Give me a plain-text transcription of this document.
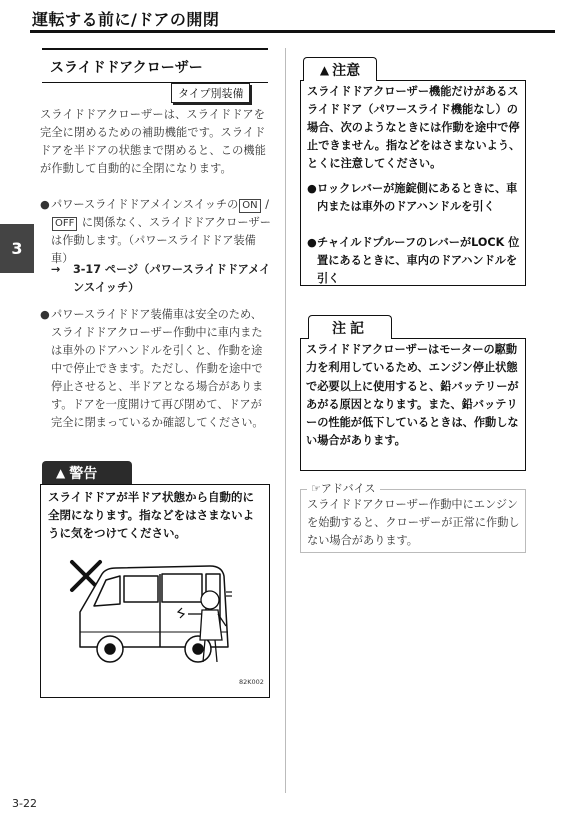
運転する前に/ドアの開閉
3
スライドドアクローザー
タイプ別装備
スライドドアクローザーは、スライドドアを完全に閉めるための補助機能です。スライドドアを半ドアの状態まで閉めると、この機能が作動して自動的に全閉になります。
● パワースライドドアメインスイッチの ON / OFF に関係なく、スライドドアクローザーは作動します。（パワースライドドア装備車）
→	3-17 ページ（パワースライドドアメインスイッチ）
● パワースライドドア装備車は安全のため、スライドドアクローザー作動中に車内または車外のドアハンドルを引くと、作動を途中で停止できます。ただし、作動を途中で停止させると、半ドアとなる場合があります。ドアを一度開けて再び閉めて、ドアが完全に閉まっているか確認してください。
▲ 警告
スライドドアが半ドア状態から自動的に全閉になります。指などをはさまないように気をつけてください。
82K002
3-22
▲ 注意
スライドドアクローザー機能だけがあるスライドドア（パワースライド機能なし）の場合、次のようなときには作動を途中で停止できません。指などをはさまないよう、とくに注意してください。
● ロックレバーが施錠側にあるときに、車内または車外のドアハンドルを引く
● チャイルドプルーフのレバーがLOCK 位置にあるときに、車内のドアハンドルを引く
注記
スライドドアクローザーはモーターの駆動力を利用しているため、エンジン停止状態で必要以上に使用すると、鉛バッテリーがあがる原因となります。また、鉛バッテリーの性能が低下しているときは、作動しない場合があります。
☞アドバイス
スライドドアクローザー作動中にエンジンを始動すると、クローザーが正常に作動しない場合があります。
